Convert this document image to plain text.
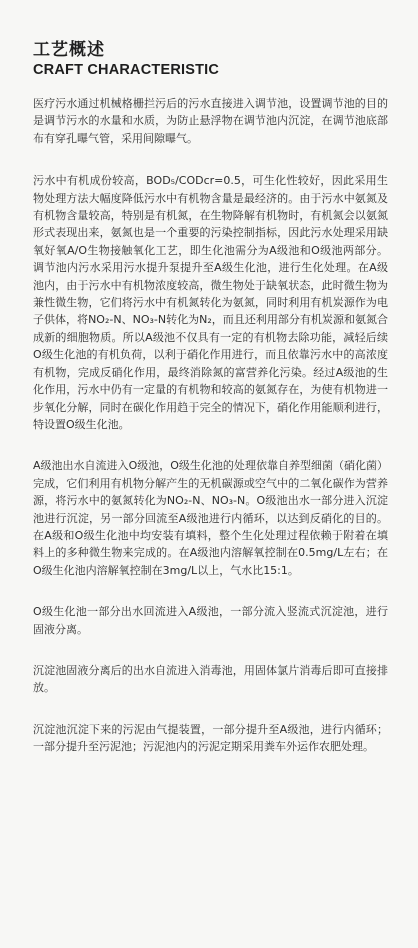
工艺概述
CRAFT CHARACTERISTIC

医疗污水通过机械格栅拦污后的污水直接进入调节池，设置调节池的目的是调节污水的水量和水质，为防止悬浮物在调节池内沉淀，在调节池底部布有穿孔曝气管，采用间隙曝气。

污水中有机成份较高，BOD₅/CODcr=0.5，可生化性较好，因此采用生物处理方法大幅度降低污水中有机物含量是最经济的。由于污水中氨氮及有机物含量较高，特别是有机氮，在生物降解有机物时，有机氮会以氨氮形式表现出来，氨氮也是一个重要的污染控制指标，因此污水处理采用缺氧好氧A/O生物接触氧化工艺，即生化池需分为A级池和O级池两部分。调节池内污水采用污水提升泵提升至A级生化池，进行生化处理。在A级池内，由于污水中有机物浓度较高，微生物处于缺氧状态，此时微生物为兼性微生物，它们将污水中有机氮转化为氨氮，同时利用有机炭源作为电子供体，将NO₂-N、NO₃-N转化为N₂，而且还利用部分有机炭源和氨氮合成新的细胞物质。所以A级池不仅具有一定的有机物去除功能，减轻后续O级生化池的有机负荷，以利于硝化作用进行，而且依靠污水中的高浓度有机物，完成反硝化作用，最终消除氮的富营养化污染。经过A级池的生化作用，污水中仍有一定量的有机物和较高的氨氮存在，为使有机物进一步氧化分解，同时在碳化作用趋于完全的情况下，硝化作用能顺利进行，特设置O级生化池。

A级池出水自流进入O级池，O级生化池的处理依靠自养型细菌（硝化菌）完成，它们利用有机物分解产生的无机碳源或空气中的二氧化碳作为营养源，将污水中的氨氮转化为NO₂-N、NO₃-N。O级池出水一部分进入沉淀池进行沉淀，另一部分回流至A级池进行内循环，以达到反硝化的目的。在A级和O级生化池中均安装有填料，整个生化处理过程依赖于附着在填料上的多种微生物来完成的。在A级池内溶解氧控制在0.5mg/L左右；在O级生化池内溶解氧控制在3mg/L以上，气水比15:1。

O级生化池一部分出水回流进入A级池，一部分流入竖流式沉淀池，进行固液分离。

沉淀池固液分离后的出水自流进入消毒池，用固体氯片消毒后即可直接排放。

沉淀池沉淀下来的污泥由气提装置，一部分提升至A级池，进行内循环；一部分提升至污泥池；污泥池内的污泥定期采用粪车外运作农肥处理。
